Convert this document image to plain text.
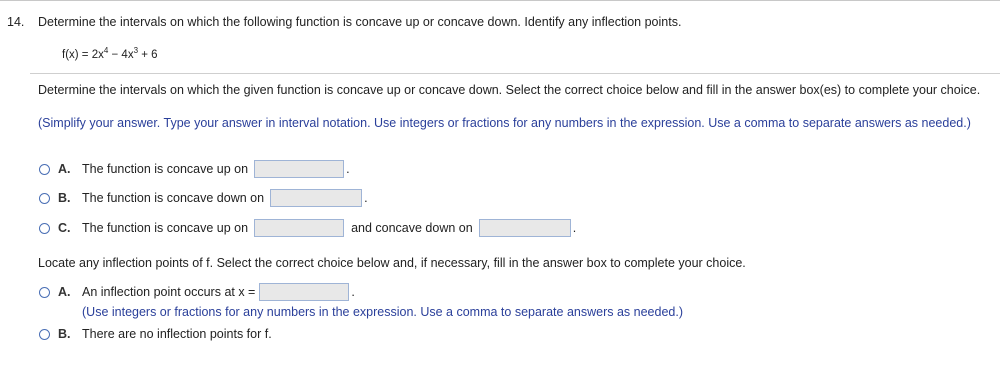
14. Determine the intervals on which the following function is concave up or concave down. Identify any inflection points.
$f(x) = 2x^4 - 4x^3 + 6$
Determine the intervals on which the given function is concave up or concave down. Select the correct choice below and fill in the answer box(es) to complete your choice.
(Simplify your answer. Type your answer in interval notation. Use integers or fractions for any numbers in the expression. Use a comma to separate answers as needed.)
A. The function is concave up on	.
B. The function is concave down on	.
C. The function is concave up on	and concave down on	.
Locate any inflection points of f. Select the correct choice below and, if necessary, fill in the answer box to complete your choice.
A. An inflection point occurs at x =	.
(Use integers or fractions for any numbers in the expression. Use a comma to separate answers as needed.)
B. There are no inflection points for f.
